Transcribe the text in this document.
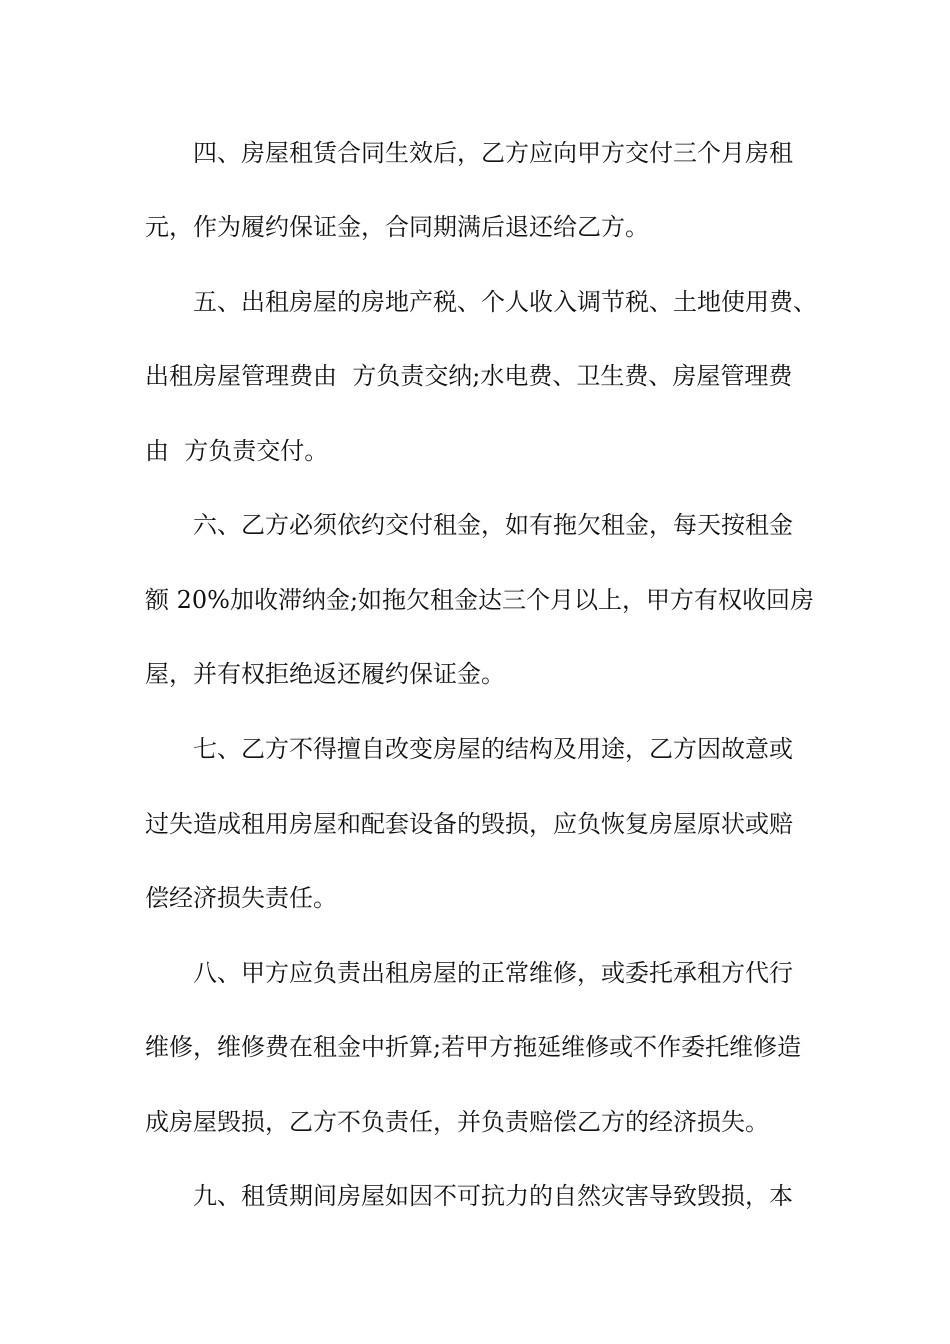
四、房屋租赁合同生效后，乙方应向甲方交付三个月房租

元，作为履约保证金，合同期满后退还给乙方。

五、出租房屋的房地产税、个人收入调节税、土地使用费、

出租房屋管理费由  方负责交纳;水电费、卫生费、房屋管理费

由  方负责交付。

六、乙方必须依约交付租金，如有拖欠租金，每天按租金

额 20%加收滞纳金;如拖欠租金达三个月以上，甲方有权收回房

屋，并有权拒绝返还履约保证金。

七、乙方不得擅自改变房屋的结构及用途，乙方因故意或

过失造成租用房屋和配套设备的毁损，应负恢复房屋原状或赔

偿经济损失责任。

八、甲方应负责出租房屋的正常维修，或委托承租方代行

维修，维修费在租金中折算;若甲方拖延维修或不作委托维修造

成房屋毁损，乙方不负责任，并负责赔偿乙方的经济损失。

九、租赁期间房屋如因不可抗力的自然灾害导致毁损，本
